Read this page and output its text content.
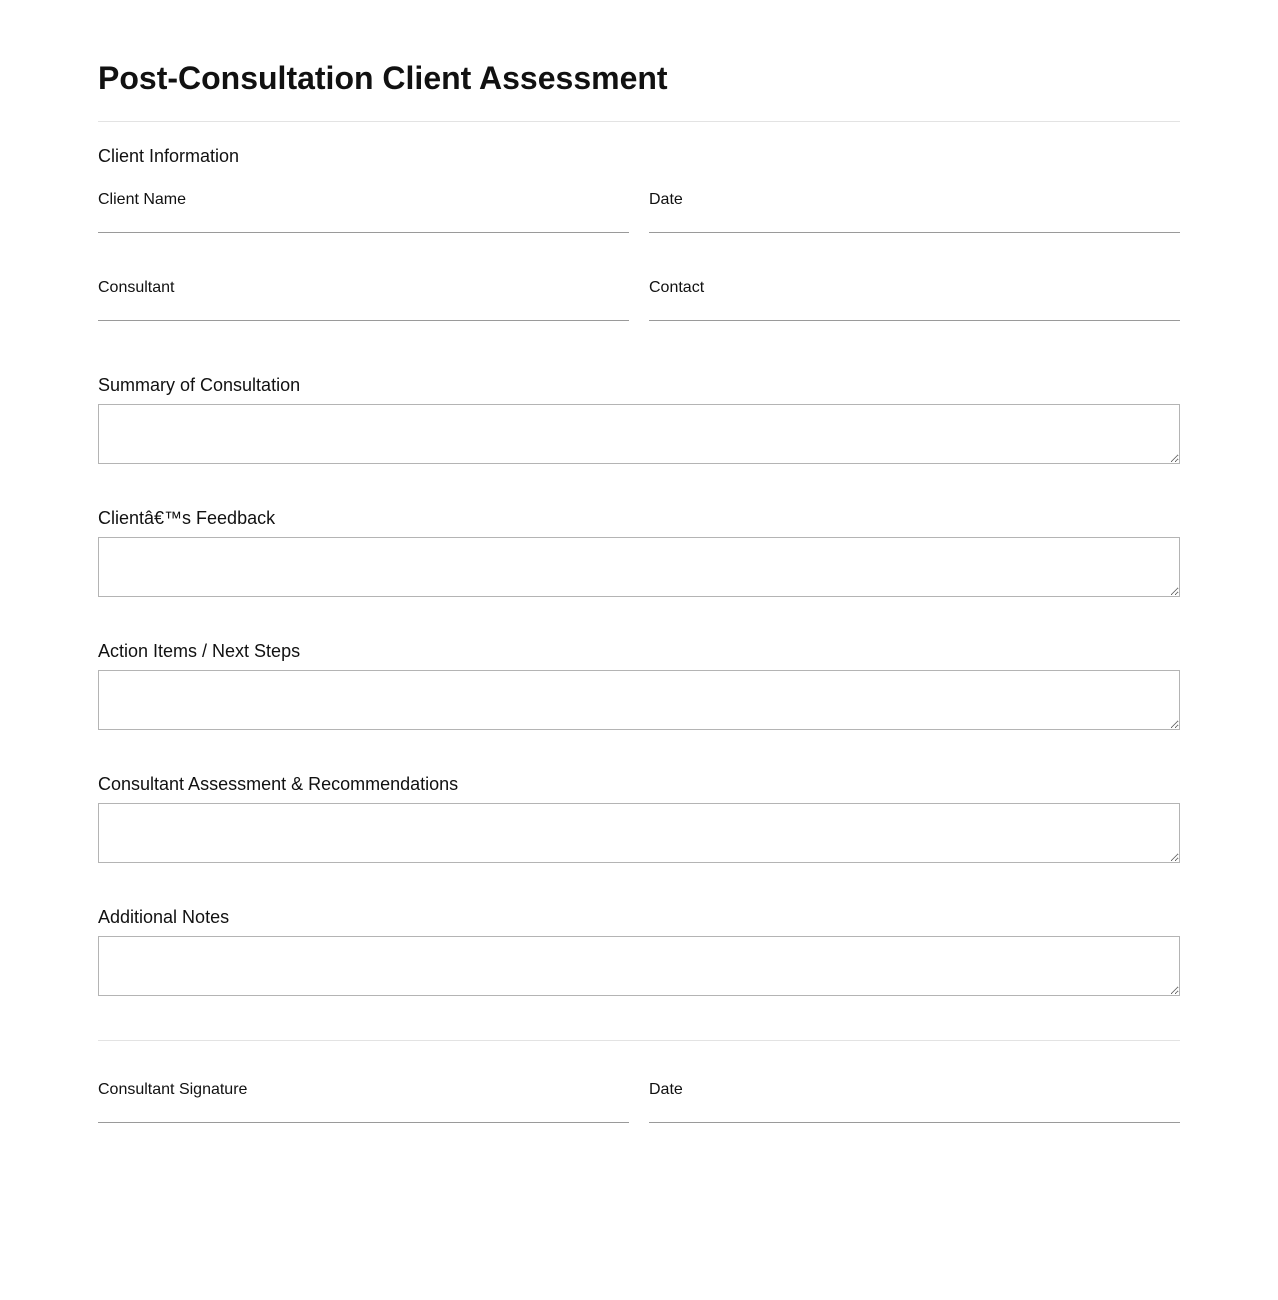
Post-Consultation Client Assessment
Client Information
Client Name	Date
Consultant	Contact
Summary of Consultation
Clientâ€™s Feedback
Action Items / Next Steps
Consultant Assessment & Recommendations
Additional Notes
Consultant Signature	Date
